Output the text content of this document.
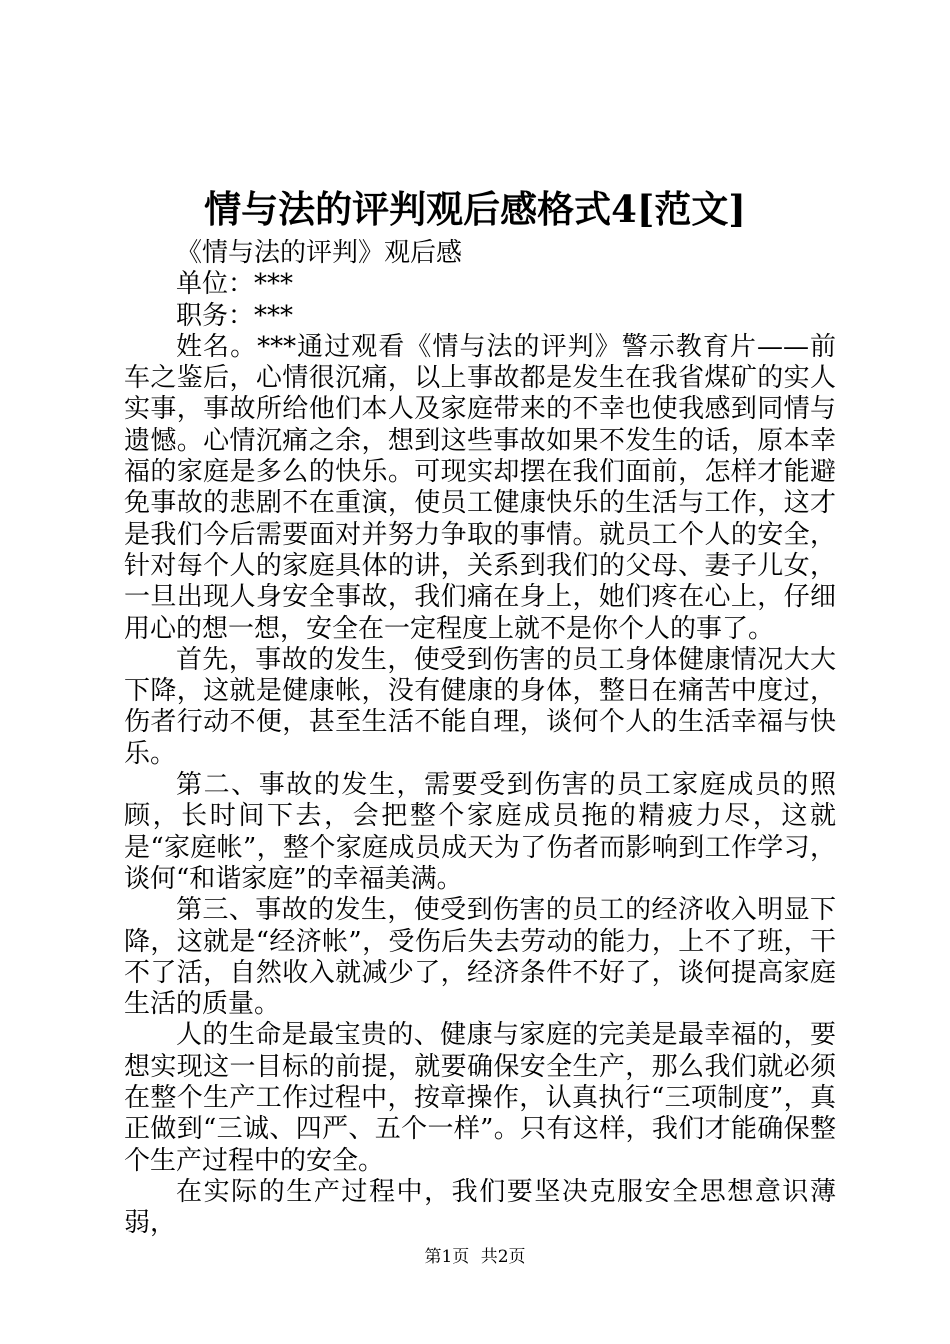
情与法的评判观后感格式4[范文]

《情与法的评判》观后感

单位：***

职务：***

姓名。***通过观看《情与法的评判》警示教育片——前车之鉴后，心情很沉痛，以上事故都是发生在我省煤矿的实人实事，事故所给他们本人及家庭带来的不幸也使我感到同情与遗憾。心情沉痛之余，想到这些事故如果不发生的话，原本幸福的家庭是多么的快乐。可现实却摆在我们面前，怎样才能避免事故的悲剧不在重演，使员工健康快乐的生活与工作，这才是我们今后需要面对并努力争取的事情。就员工个人的安全，针对每个人的家庭具体的讲，关系到我们的父母、妻子儿女，一旦出现人身安全事故，我们痛在身上，她们疼在心上，仔细用心的想一想，安全在一定程度上就不是你个人的事了。

首先，事故的发生，使受到伤害的员工身体健康情况大大下降，这就是健康帐，没有健康的身体，整日在痛苦中度过，伤者行动不便，甚至生活不能自理，谈何个人的生活幸福与快乐。

第二、事故的发生，需要受到伤害的员工家庭成员的照顾，长时间下去，会把整个家庭成员拖的精疲力尽，这就是“家庭帐”，整个家庭成员成天为了伤者而影响到工作学习，谈何“和谐家庭”的幸福美满。

第三、事故的发生，使受到伤害的员工的经济收入明显下降，这就是“经济帐”，受伤后失去劳动的能力，上不了班，干不了活，自然收入就减少了，经济条件不好了，谈何提高家庭生活的质量。

人的生命是最宝贵的、健康与家庭的完美是最幸福的，要想实现这一目标的前提，就要确保安全生产，那么我们就必须在整个生产工作过程中，按章操作，认真执行“三项制度”，真正做到“三诚、四严、五个一样”。只有这样，我们才能确保整个生产过程中的安全。

在实际的生产过程中，我们要坚决克服安全思想意识薄弱，

第1页 共2页
